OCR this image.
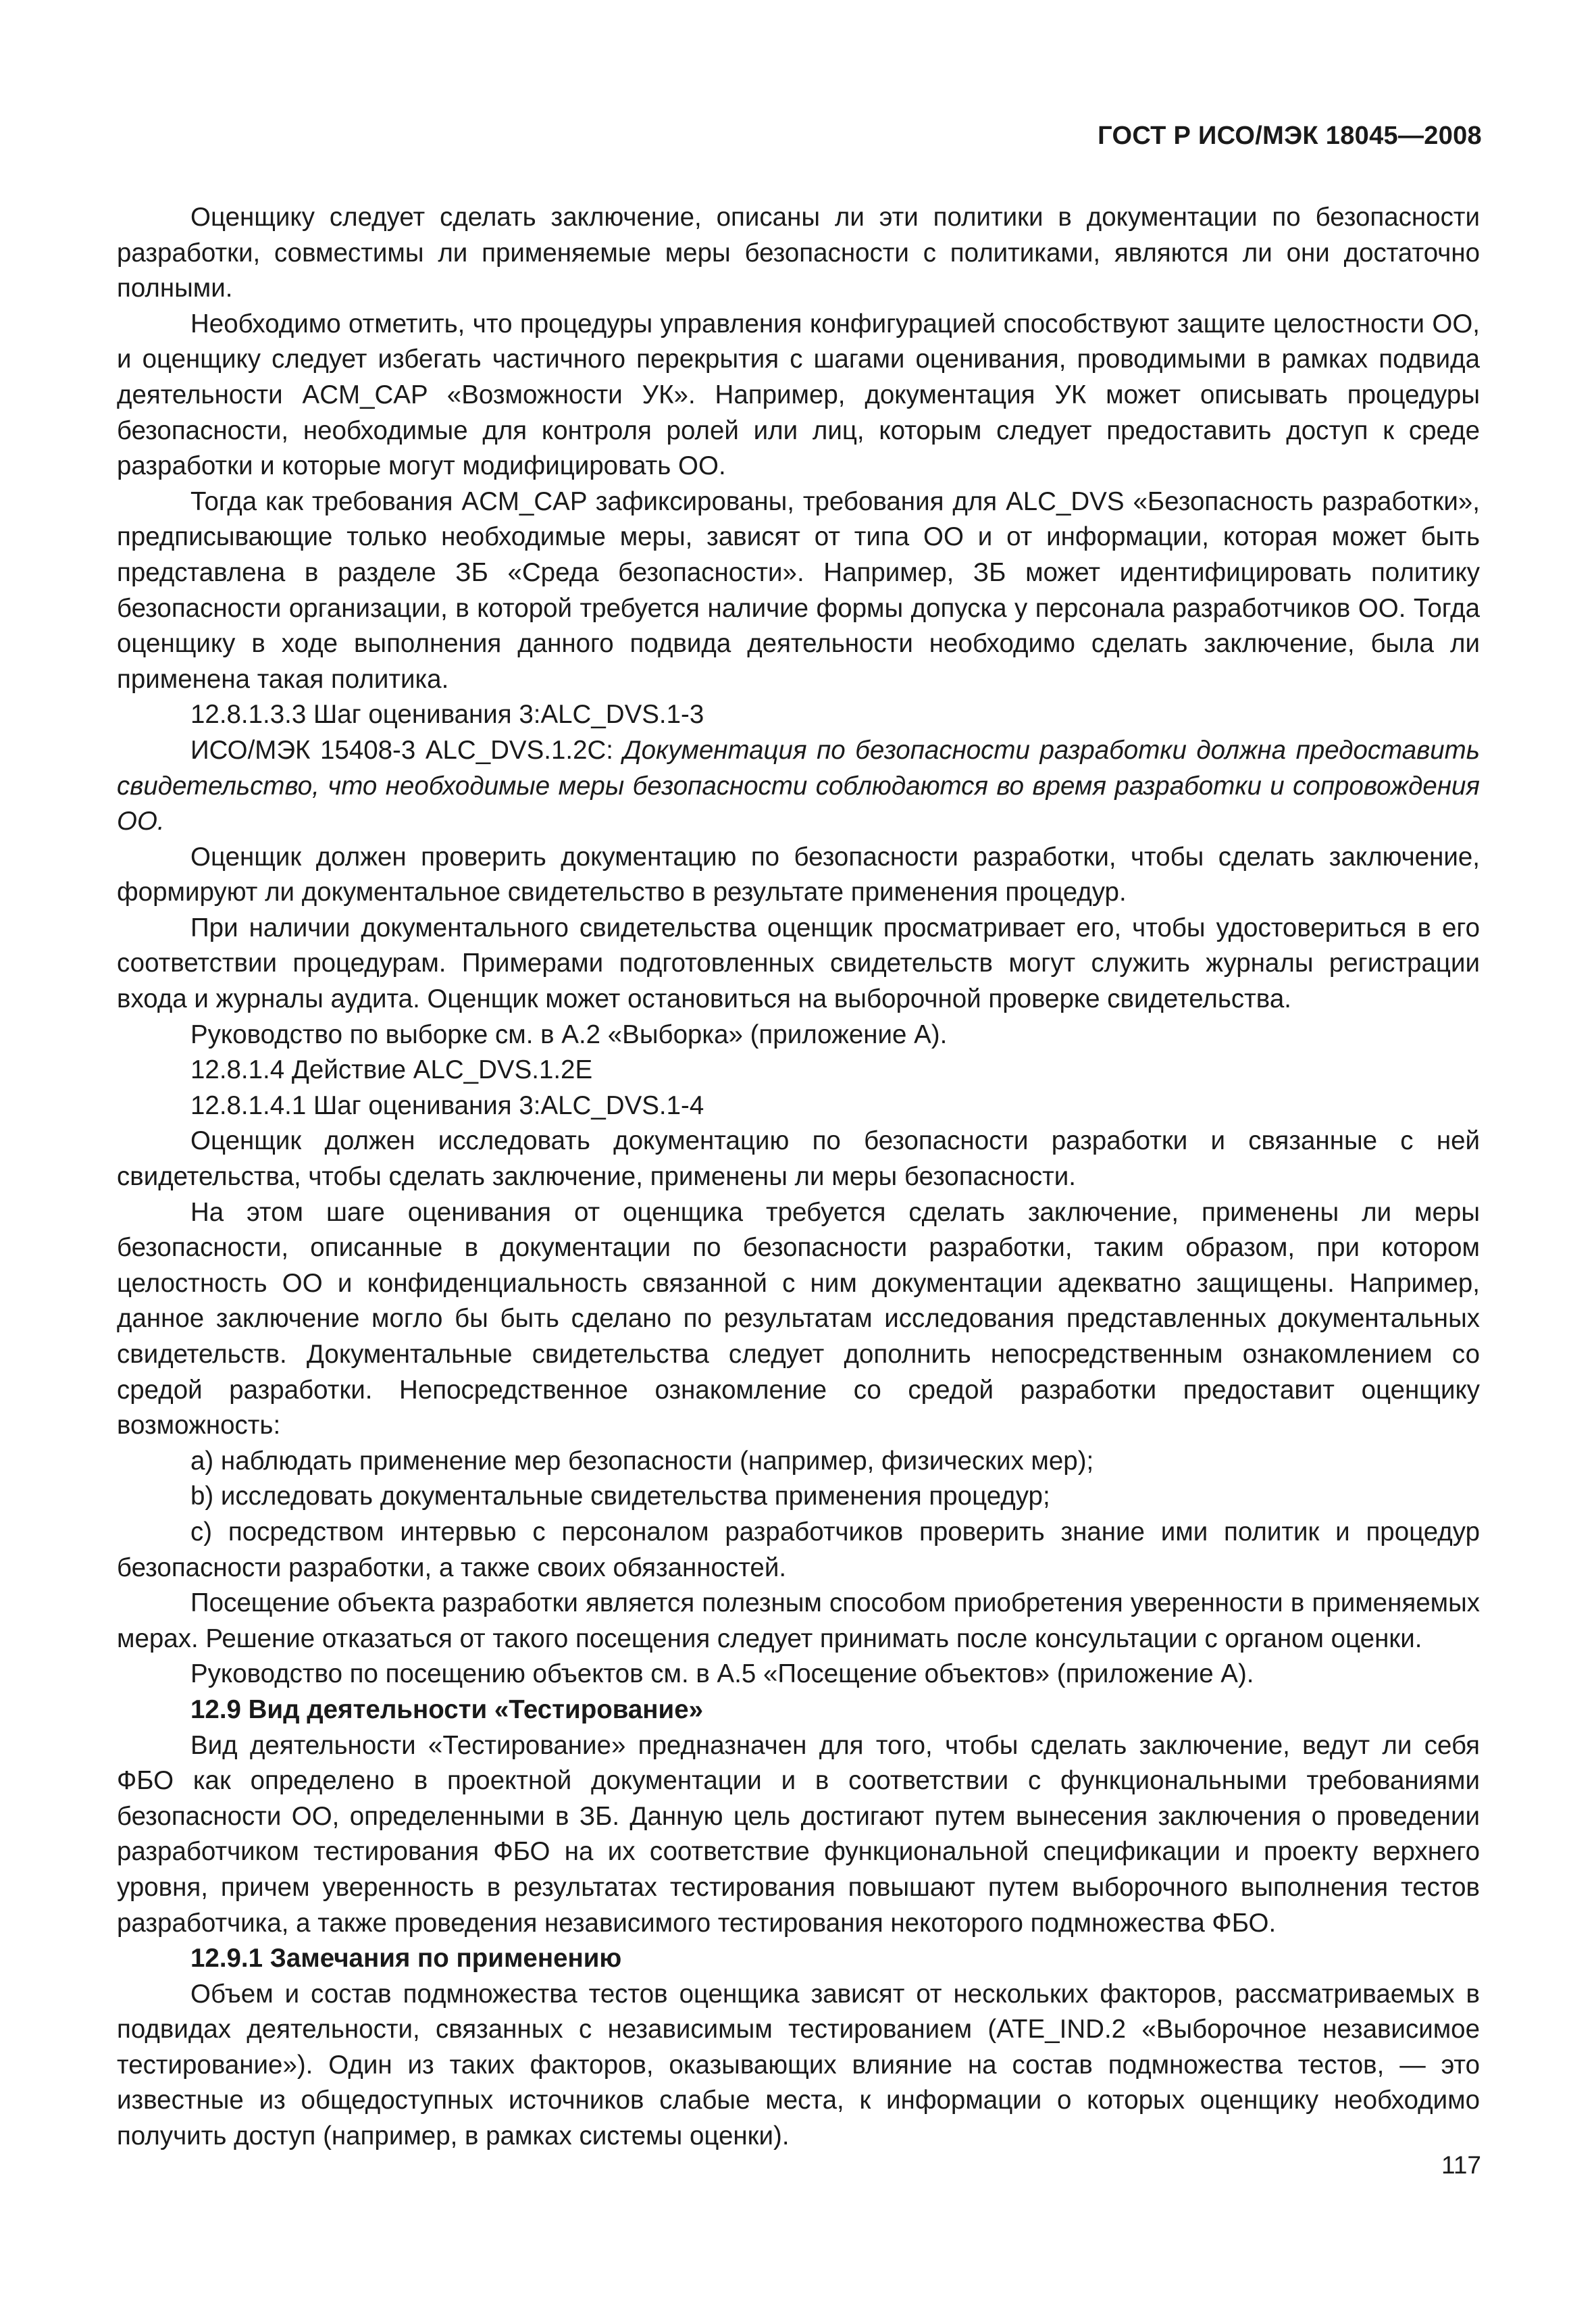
ГОСТ Р ИСО/МЭК 18045—2008

Оценщику следует сделать заключение, описаны ли эти политики в документации по безопасности разработки, совместимы ли применяемые меры безопасности с политиками, являются ли они достаточно полными.

Необходимо отметить, что процедуры управления конфигурацией способствуют защите целостности ОО, и оценщику следует избегать частичного перекрытия с шагами оценивания, проводимыми в рамках подвида деятельности ACM_CAP «Возможности УК». Например, документация УК может описывать процедуры безопасности, необходимые для контроля ролей или лиц, которым следует предоставить доступ к среде разработки и которые могут модифицировать ОО.

Тогда как требования ACM_CAP зафиксированы, требования для ALC_DVS «Безопасность разработки», предписывающие только необходимые меры, зависят от типа ОО и от информации, которая может быть представлена в разделе ЗБ «Среда безопасности». Например, ЗБ может идентифицировать политику безопасности организации, в которой требуется наличие формы допуска у персонала разработчиков ОО. Тогда оценщику в ходе выполнения данного подвида деятельности необходимо сделать заключение, была ли применена такая политика.

12.8.1.3.3 Шаг оценивания 3:ALC_DVS.1-3

ИСО/МЭК 15408-3 ALC_DVS.1.2С: Документация по безопасности разработки должна предоставить свидетельство, что необходимые меры безопасности соблюдаются во время разработки и сопровождения ОО.

Оценщик должен проверить документацию по безопасности разработки, чтобы сделать заключение, формируют ли документальное свидетельство в результате применения процедур.

При наличии документального свидетельства оценщик просматривает его, чтобы удостовериться в его соответствии процедурам. Примерами подготовленных свидетельств могут служить журналы регистрации входа и журналы аудита. Оценщик может остановиться на выборочной проверке свидетельства.

Руководство по выборке см. в А.2 «Выборка» (приложение А).

12.8.1.4 Действие ALC_DVS.1.2E

12.8.1.4.1 Шаг оценивания 3:ALC_DVS.1-4

Оценщик должен исследовать документацию по безопасности разработки и связанные с ней свидетельства, чтобы сделать заключение, применены ли меры безопасности.

На этом шаге оценивания от оценщика требуется сделать заключение, применены ли меры безопасности, описанные в документации по безопасности разработки, таким образом, при котором целостность ОО и конфиденциальность связанной с ним документации адекватно защищены. Например, данное заключение могло бы быть сделано по результатам исследования представленных документальных свидетельств. Документальные свидетельства следует дополнить непосредственным ознакомлением со средой разработки. Непосредственное ознакомление со средой разработки предоставит оценщику возможность:

а) наблюдать применение мер безопасности (например, физических мер);

b) исследовать документальные свидетельства применения процедур;

с) посредством интервью с персоналом разработчиков проверить знание ими политик и процедур безопасности разработки, а также своих обязанностей.

Посещение объекта разработки является полезным способом приобретения уверенности в применяемых мерах. Решение отказаться от такого посещения следует принимать после консультации с органом оценки.

Руководство по посещению объектов см. в А.5 «Посещение объектов» (приложение А).

12.9 Вид деятельности «Тестирование»

Вид деятельности «Тестирование» предназначен для того, чтобы сделать заключение, ведут ли себя ФБО как определено в проектной документации и в соответствии с функциональными требованиями безопасности ОО, определенными в ЗБ. Данную цель достигают путем вынесения заключения о проведении разработчиком тестирования ФБО на их соответствие функциональной спецификации и проекту верхнего уровня, причем уверенность в результатах тестирования повышают путем выборочного выполнения тестов разработчика, а также проведения независимого тестирования некоторого подмножества ФБО.

12.9.1 Замечания по применению

Объем и состав подмножества тестов оценщика зависят от нескольких факторов, рассматриваемых в подвидах деятельности, связанных с независимым тестированием (ATE_IND.2 «Выборочное независимое тестирование»). Один из таких факторов, оказывающих влияние на состав подмножества тестов, — это известные из общедоступных источников слабые места, к информации о которых оценщику необходимо получить доступ (например, в рамках системы оценки).

117
